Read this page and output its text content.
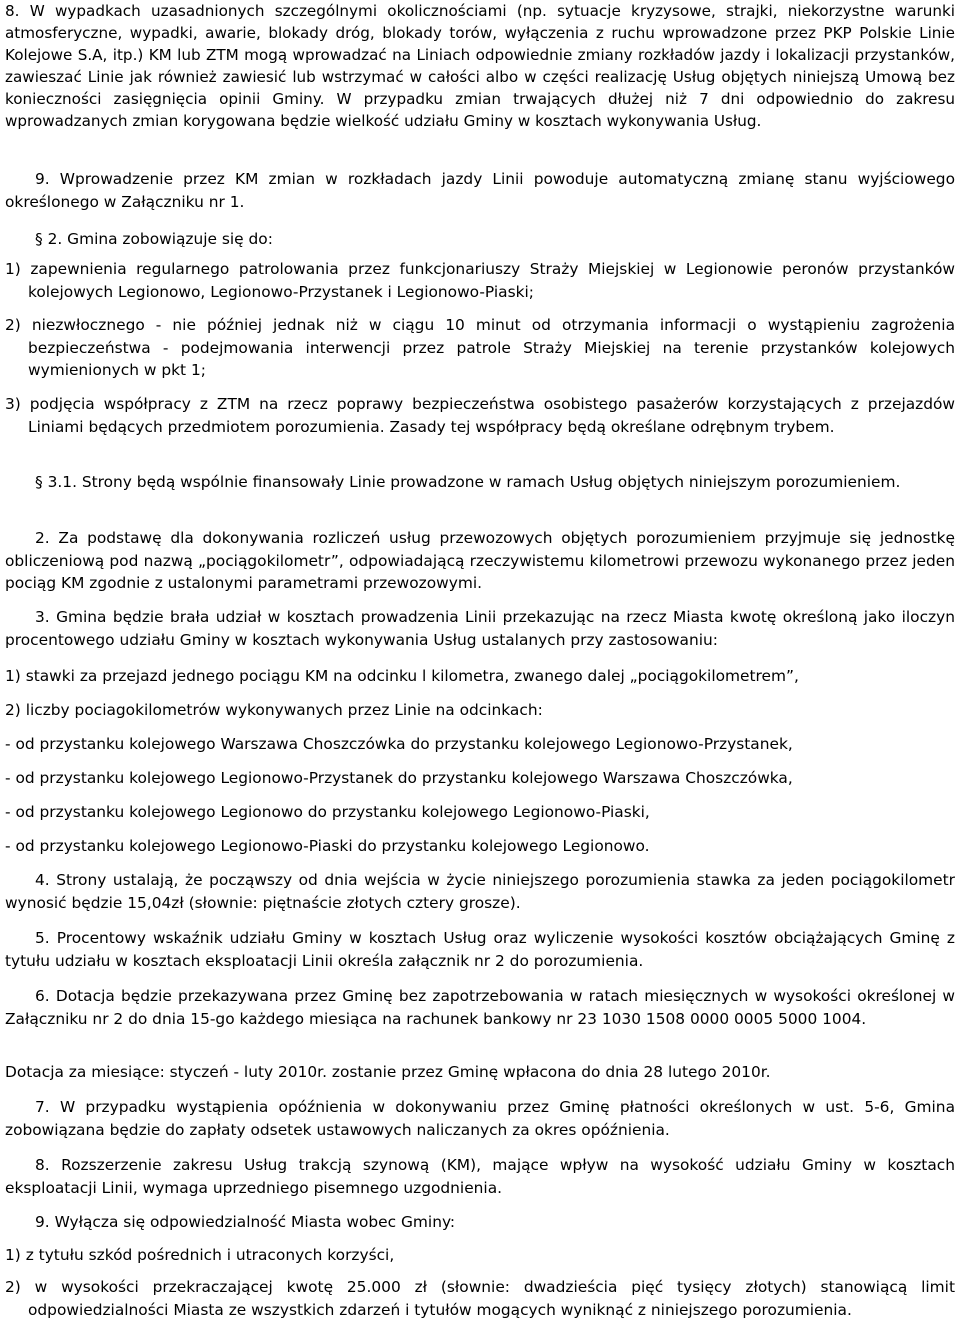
8. W wypadkach uzasadnionych szczególnymi okolicznościami (np. sytuacje kryzysowe, strajki, niekorzystne warunki atmosferyczne, wypadki, awarie, blokady dróg, blokady torów, wyłączenia z ruchu wprowadzone przez PKP Polskie Linie Kolejowe S.A, itp.) KM lub ZTM mogą wprowadzać na Liniach odpowiednie zmiany rozkładów jazdy i lokalizacji przystanków, zawieszać Linie jak również zawiesić lub wstrzymać w całości albo w części realizację Usług objętych niniejszą Umową bez konieczności zasięgnięcia opinii Gminy. W przypadku zmian trwających dłużej niż 7 dni odpowiednio do zakresu wprowadzanych zmian korygowana będzie wielkość udziału Gminy w kosztach wykonywania Usług.

9. Wprowadzenie przez KM zmian w rozkładach jazdy Linii powoduje automatyczną zmianę stanu wyjściowego określonego w Załączniku nr 1.

§ 2. Gmina zobowiązuje się do:

1) zapewnienia regularnego patrolowania przez funkcjonariuszy Straży Miejskiej w Legionowie peronów przystanków kolejowych Legionowo, Legionowo-Przystanek i Legionowo-Piaski;

2) niezwłocznego - nie później jednak niż w ciągu 10 minut od otrzymania informacji o wystąpieniu zagrożenia bezpieczeństwa - podejmowania interwencji przez patrole Straży Miejskiej na terenie przystanków kolejowych wymienionych w pkt 1;

3) podjęcia współpracy z ZTM na rzecz poprawy bezpieczeństwa osobistego pasażerów korzystających z przejazdów Liniami będących przedmiotem porozumienia. Zasady tej współpracy będą określane odrębnym trybem.

§ 3.1. Strony będą wspólnie finansowały Linie prowadzone w ramach Usług objętych niniejszym porozumieniem.

2. Za podstawę dla dokonywania rozliczeń usług przewozowych objętych porozumieniem przyjmuje się jednostkę obliczeniową pod nazwą „pociągokilometr”, odpowiadającą rzeczywistemu kilometrowi przewozu wykonanego przez jeden pociąg KM zgodnie z ustalonymi parametrami przewozowymi.

3. Gmina będzie brała udział w kosztach prowadzenia Linii przekazując na rzecz Miasta kwotę określoną jako iloczyn procentowego udziału Gminy w kosztach wykonywania Usług ustalanych przy zastosowaniu:

1) stawki za przejazd jednego pociągu KM na odcinku l kilometra, zwanego dalej „pociągokilometrem”,

2) liczby pociagokilometrów wykonywanych przez Linie na odcinkach:

- od przystanku kolejowego Warszawa Choszczówka do przystanku kolejowego Legionowo-Przystanek,

- od przystanku kolejowego Legionowo-Przystanek do przystanku kolejowego Warszawa Choszczówka,

- od przystanku kolejowego Legionowo do przystanku kolejowego Legionowo-Piaski,

- od przystanku kolejowego Legionowo-Piaski do przystanku kolejowego Legionowo.

4. Strony ustalają, że począwszy od dnia wejścia w życie niniejszego porozumienia stawka za jeden pociągokilometr wynosić będzie 15,04zł (słownie: piętnaście złotych cztery grosze).

5. Procentowy wskaźnik udziału Gminy w kosztach Usług oraz wyliczenie wysokości kosztów obciążających Gminę z tytułu udziału w kosztach eksploatacji Linii określa załącznik nr 2 do porozumienia.

6. Dotacja będzie przekazywana przez Gminę bez zapotrzebowania w ratach miesięcznych w wysokości określonej w Załączniku nr 2 do dnia 15-go każdego miesiąca na rachunek bankowy nr 23 1030 1508 0000 0005 5000 1004.

Dotacja za miesiące: styczeń - luty 2010r. zostanie przez Gminę wpłacona do dnia 28 lutego 2010r.

7. W przypadku wystąpienia opóźnienia w dokonywaniu przez Gminę płatności określonych w ust. 5-6, Gmina zobowiązana będzie do zapłaty odsetek ustawowych naliczanych za okres opóźnienia.

8. Rozszerzenie zakresu Usług trakcją szynową (KM), mające wpływ na wysokość udziału Gminy w kosztach eksploatacji Linii, wymaga uprzedniego pisemnego uzgodnienia.

9. Wyłącza się odpowiedzialność Miasta wobec Gminy:

1) z tytułu szkód pośrednich i utraconych korzyści,

2) w wysokości przekraczającej kwotę 25.000 zł (słownie: dwadzieścia pięć tysięcy złotych) stanowiącą limit odpowiedzialności Miasta ze wszystkich zdarzeń i tytułów mogących wyniknąć z niniejszego porozumienia.
